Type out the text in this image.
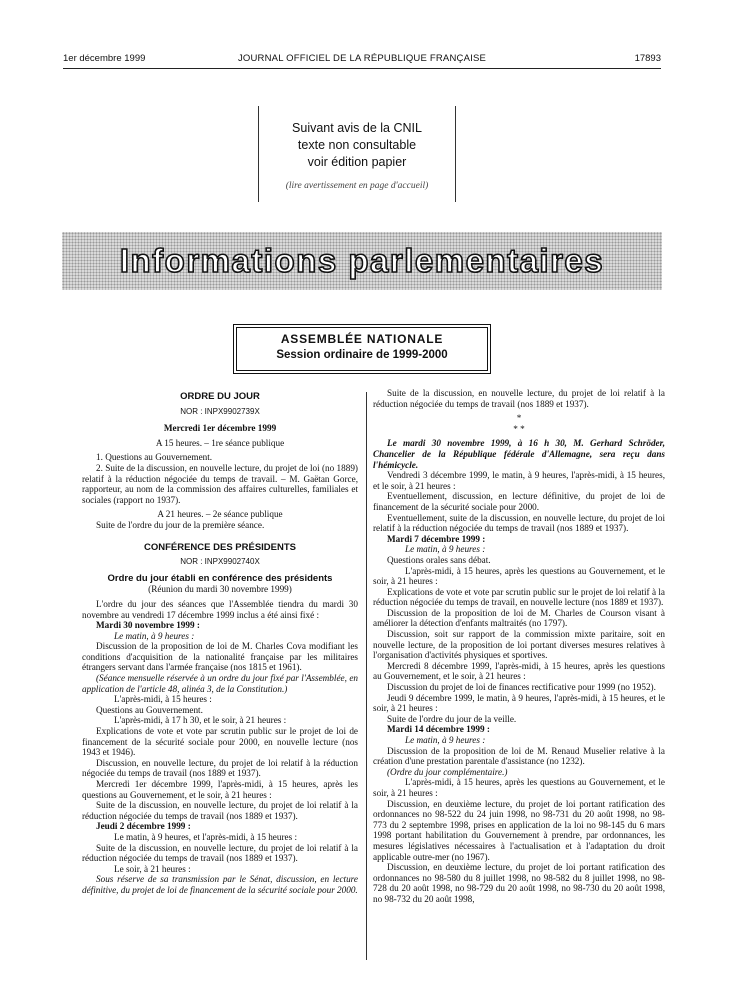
JOURNAL OFFICIEL DE LA RÉPUBLIQUE FRANÇAISE
1er décembre 1999	17893
Suivant avis de la CNIL
texte non consultable
voir édition papier
(lire avertissement en page d'accueil)
Informations parlementaires
ASSEMBLÉE NATIONALE
Session ordinaire de 1999-2000
ORDRE DU JOUR
NOR : INPX9902739X
Mercredi 1er décembre 1999

A 15 heures. – 1re séance publique

1. Questions au Gouvernement.

2. Suite de la discussion, en nouvelle lecture, du projet de loi (no 1889) relatif à la réduction négociée du temps de travail. – M. Gaëtan Gorce, rapporteur, au nom de la commission des affaires culturelles, familiales et sociales (rapport no 1937).

A 21 heures. – 2e séance publique

Suite de l'ordre du jour de la première séance.

CONFÉRENCE DES PRÉSIDENTS
NOR : INPX9902740X
Ordre du jour établi en conférence des présidents

(Réunion du mardi 30 novembre 1999)

L'ordre du jour des séances que l'Assemblée tiendra du mardi 30 novembre au vendredi 17 décembre 1999 inclus a été ainsi fixé :

Mardi 30 novembre 1999 :

Le matin, à 9 heures :

Discussion de la proposition de loi de M. Charles Cova modifiant les conditions d'acquisition de la nationalité française par les militaires étrangers servant dans l'armée française (nos 1815 et 1961).

(Séance mensuelle réservée à un ordre du jour fixé par l'Assemblée, en application de l'article 48, alinéa 3, de la Constitution.)

L'après-midi, à 15 heures :

Questions au Gouvernement.

L'après-midi, à 17 h 30, et le soir, à 21 heures :

Explications de vote et vote par scrutin public sur le projet de loi de financement de la sécurité sociale pour 2000, en nouvelle lecture (nos 1943 et 1946).

Discussion, en nouvelle lecture, du projet de loi relatif à la réduction négociée du temps de travail (nos 1889 et 1937).

Mercredi 1er décembre 1999, l'après-midi, à 15 heures, après les questions au Gouvernement, et le soir, à 21 heures :

Suite de la discussion, en nouvelle lecture, du projet de loi relatif à la réduction négociée du temps de travail (nos 1889 et 1937).

Jeudi 2 décembre 1999 :

Le matin, à 9 heures, et l'après-midi, à 15 heures :

Suite de la discussion, en nouvelle lecture, du projet de loi relatif à la réduction négociée du temps de travail (nos 1889 et 1937).

Le soir, à 21 heures :

Sous réserve de sa transmission par le Sénat, discussion, en lecture définitive, du projet de loi de financement de la sécurité sociale pour 2000.

Suite de la discussion, en nouvelle lecture, du projet de loi relatif à la réduction négociée du temps de travail (nos 1889 et 1937).

*
* *

Le mardi 30 novembre 1999, à 16 h 30, M. Gerhard Schröder, Chancelier de la République fédérale d'Allemagne, sera reçu dans l'hémicycle.

Vendredi 3 décembre 1999, le matin, à 9 heures, l'après-midi, à 15 heures, et le soir, à 21 heures :

Eventuellement, discussion, en lecture définitive, du projet de loi de financement de la sécurité sociale pour 2000.

Eventuellement, suite de la discussion, en nouvelle lecture, du projet de loi relatif à la réduction négociée du temps de travail (nos 1889 et 1937).

Mardi 7 décembre 1999 :

Le matin, à 9 heures :

Questions orales sans débat.

L'après-midi, à 15 heures, après les questions au Gouvernement, et le soir, à 21 heures :

Explications de vote et vote par scrutin public sur le projet de loi relatif à la réduction négociée du temps de travail, en nouvelle lecture (nos 1889 et 1937).

Discussion de la proposition de loi de M. Charles de Courson visant à améliorer la détection d'enfants maltraités (no 1797).

Discussion, soit sur rapport de la commission mixte paritaire, soit en nouvelle lecture, de la proposition de loi portant diverses mesures relatives à l'organisation d'activités physiques et sportives.

Mercredi 8 décembre 1999, l'après-midi, à 15 heures, après les questions au Gouvernement, et le soir, à 21 heures :

Discussion du projet de loi de finances rectificative pour 1999 (no 1952).

Jeudi 9 décembre 1999, le matin, à 9 heures, l'après-midi, à 15 heures, et le soir, à 21 heures :

Suite de l'ordre du jour de la veille.

Mardi 14 décembre 1999 :

Le matin, à 9 heures :

Discussion de la proposition de loi de M. Renaud Muselier relative à la création d'une prestation parentale d'assistance (no 1232).

(Ordre du jour complémentaire.)

L'après-midi, à 15 heures, après les questions au Gouvernement, et le soir, à 21 heures :

Discussion, en deuxième lecture, du projet de loi portant ratification des ordonnances no 98-522 du 24 juin 1998, no 98-731 du 20 août 1998, no 98-773 du 2 septembre 1998, prises en application de la loi no 98-145 du 6 mars 1998 portant habilitation du Gouvernement à prendre, par ordonnances, les mesures législatives nécessaires à l'actualisation et à l'adaptation du droit applicable outre-mer (no 1967).

Discussion, en deuxième lecture, du projet de loi portant ratification des ordonnances no 98-580 du 8 juillet 1998, no 98-582 du 8 juillet 1998, no 98-728 du 20 août 1998, no 98-729 du 20 août 1998, no 98-730 du 20 août 1998, no 98-732 du 20 août 1998,
